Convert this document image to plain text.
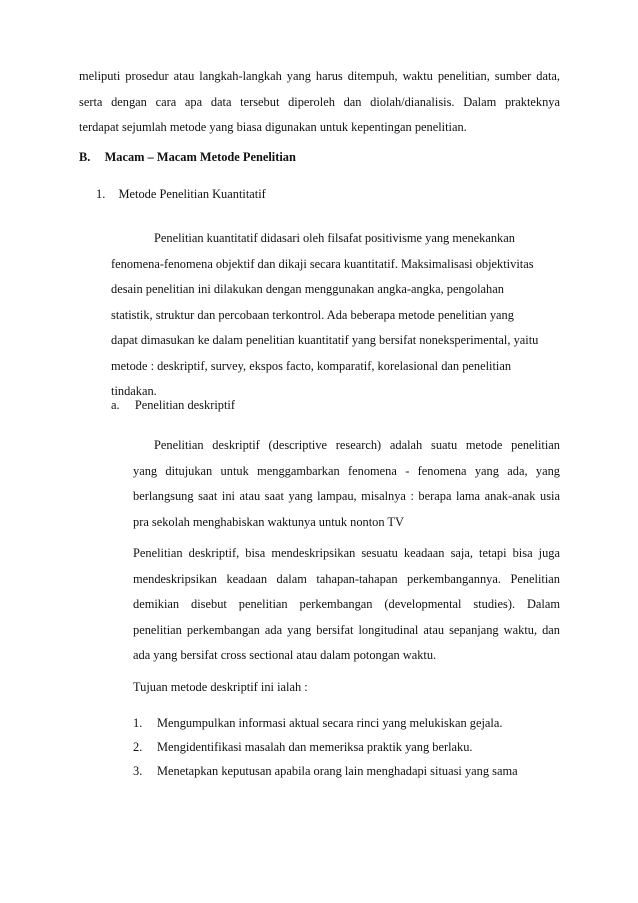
meliputi prosedur atau langkah-langkah yang harus ditempuh, waktu penelitian, sumber data,
serta dengan cara apa data tersebut diperoleh dan diolah/dianalisis. Dalam prakteknya
terdapat sejumlah metode yang biasa digunakan untuk kepentingan penelitian.
B. Macam – Macam Metode Penelitian
1. Metode Penelitian Kuantitatif
Penelitian kuantitatif didasari oleh filsafat positivisme yang menekankan
fenomena-fenomena objektif dan dikaji secara kuantitatif. Maksimalisasi objektivitas
desain penelitian ini dilakukan dengan menggunakan angka-angka, pengolahan
statistik, struktur dan percobaan terkontrol. Ada beberapa metode penelitian yang
dapat dimasukan ke dalam penelitian kuantitatif yang bersifat noneksperimental, yaitu
metode : deskriptif, survey, ekspos facto, komparatif, korelasional dan penelitian
tindakan.
a. Penelitian deskriptif
Penelitian deskriptif (descriptive research) adalah suatu metode penelitian
yang ditujukan untuk menggambarkan fenomena - fenomena yang ada, yang
berlangsung saat ini atau saat yang lampau, misalnya : berapa lama anak-anak usia
pra sekolah menghabiskan waktunya untuk nonton TV
Penelitian deskriptif, bisa mendeskripsikan sesuatu keadaan saja, tetapi bisa juga
mendeskripsikan keadaan dalam tahapan-tahapan perkembangannya. Penelitian
demikian disebut penelitian perkembangan (developmental studies). Dalam
penelitian perkembangan ada yang bersifat longitudinal atau sepanjang waktu, dan
ada yang bersifat cross sectional atau dalam potongan waktu.
Tujuan metode deskriptif ini ialah :
1. Mengumpulkan informasi aktual secara rinci yang melukiskan gejala.
2. Mengidentifikasi masalah dan memeriksa praktik yang berlaku.
3. Menetapkan keputusan apabila orang lain menghadapi situasi yang sama
